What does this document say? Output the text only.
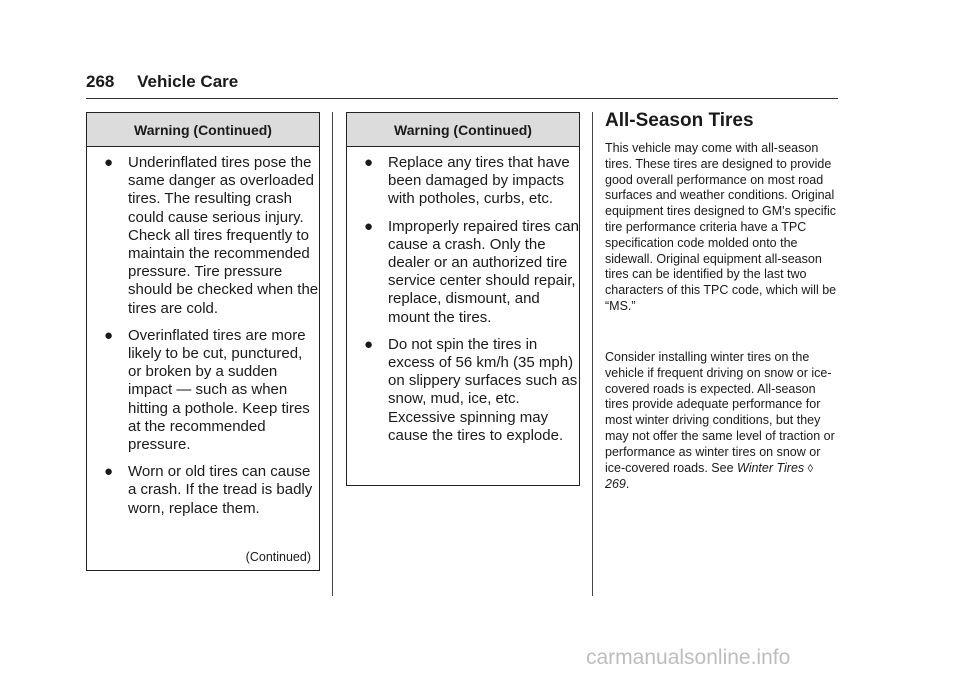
268 Vehicle Care
Warning (Continued)
● Underinflated tires pose the same danger as overloaded tires. The resulting crash could cause serious injury. Check all tires frequently to maintain the recommended pressure. Tire pressure should be checked when the tires are cold.
● Overinflated tires are more likely to be cut, punctured, or broken by a sudden impact — such as when hitting a pothole. Keep tires at the recommended pressure.
● Worn or old tires can cause a crash. If the tread is badly worn, replace them.
(Continued)
Warning (Continued)
● Replace any tires that have been damaged by impacts with potholes, curbs, etc.
● Improperly repaired tires can cause a crash. Only the dealer or an authorized tire service center should repair, replace, dismount, and mount the tires.
● Do not spin the tires in excess of 56 km/h (35 mph) on slippery surfaces such as snow, mud, ice, etc. Excessive spinning may cause the tires to explode.
All-Season Tires

This vehicle may come with all-season tires. These tires are designed to provide good overall performance on most road surfaces and weather conditions. Original equipment tires designed to GM's specific tire performance criteria have a TPC specification code molded onto the sidewall. Original equipment all-season tires can be identified by the last two characters of this TPC code, which will be “MS.”

Consider installing winter tires on the vehicle if frequent driving on snow or ice-covered roads is expected. All-season tires provide adequate performance for most winter driving conditions, but they may not offer the same level of traction or performance as winter tires on snow or ice-covered roads. See Winter Tires ◊ 269.

carmanualsonline.info
